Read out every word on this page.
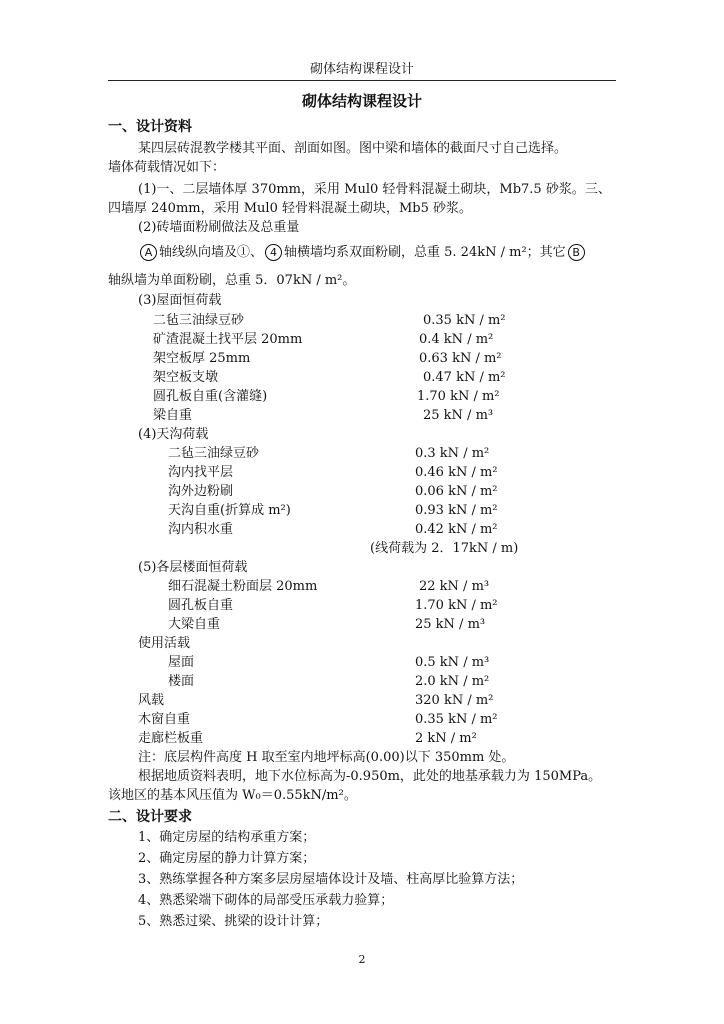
砌体结构课程设计
砌体结构课程设计
一、设计资料
某四层砖混教学楼其平面、剖面如图。图中梁和墙体的截面尺寸自己选择。
墙体荷载情况如下：
(1)一、二层墙体厚 370mm，采用 Mul0 轻骨料混凝土砌块，Mb7.5 砂浆。三、
四墙厚 240mm，采用 Mul0 轻骨料混凝土砌块，Mb5 砂浆。
(2)砖墙面粉刷做法及总重量
A 轴线纵向墙及①、 4 轴横墙均系双面粉刷，总重 5. 24kN / m²；其它 B
轴纵墙为单面粉刷，总重 5．07kN / m²。
(3)屋面恒荷载
二毡三油绿豆砂	0.35 kN / m²
矿渣混凝土找平层 20mm	0.4 kN / m²
架空板厚 25mm	0.63 kN / m²
架空板支墩	0.47 kN / m²
圆孔板自重(含灌缝)	1.70 kN / m²
梁自重	25 kN / m³
(4)天沟荷载
二毡三油绿豆砂	0.3 kN / m²
沟内找平层	0.46 kN / m²
沟外边粉刷	0.06 kN / m²
天沟自重(折算成 m²)	0.93 kN / m²
沟内积水重	0.42 kN / m²
(线荷载为 2．17kN / m)
(5)各层楼面恒荷载
细石混凝土粉面层 20mm	22 kN / m³
圆孔板自重	1.70 kN / m²
大梁自重	25 kN / m³
使用活载
屋面	0.5 kN / m³
楼面	2.0 kN / m²
风载	320 kN / m²
木窗自重	0.35 kN / m²
走廊栏板重	2 kN / m²
注：底层构件高度 H 取至室内地坪标高(0.00)以下 350mm 处。
根据地质资料表明，地下水位标高为-0.950m，此处的地基承载力为 150MPa。
该地区的基本风压值为 W₀＝0.55kN/m²。
二、设计要求
1、确定房屋的结构承重方案；
2、确定房屋的静力计算方案；
3、熟练掌握各种方案多层房屋墙体设计及墙、柱高厚比验算方法；
4、熟悉梁端下砌体的局部受压承载力验算；
5、熟悉过梁、挑梁的设计计算；
2
